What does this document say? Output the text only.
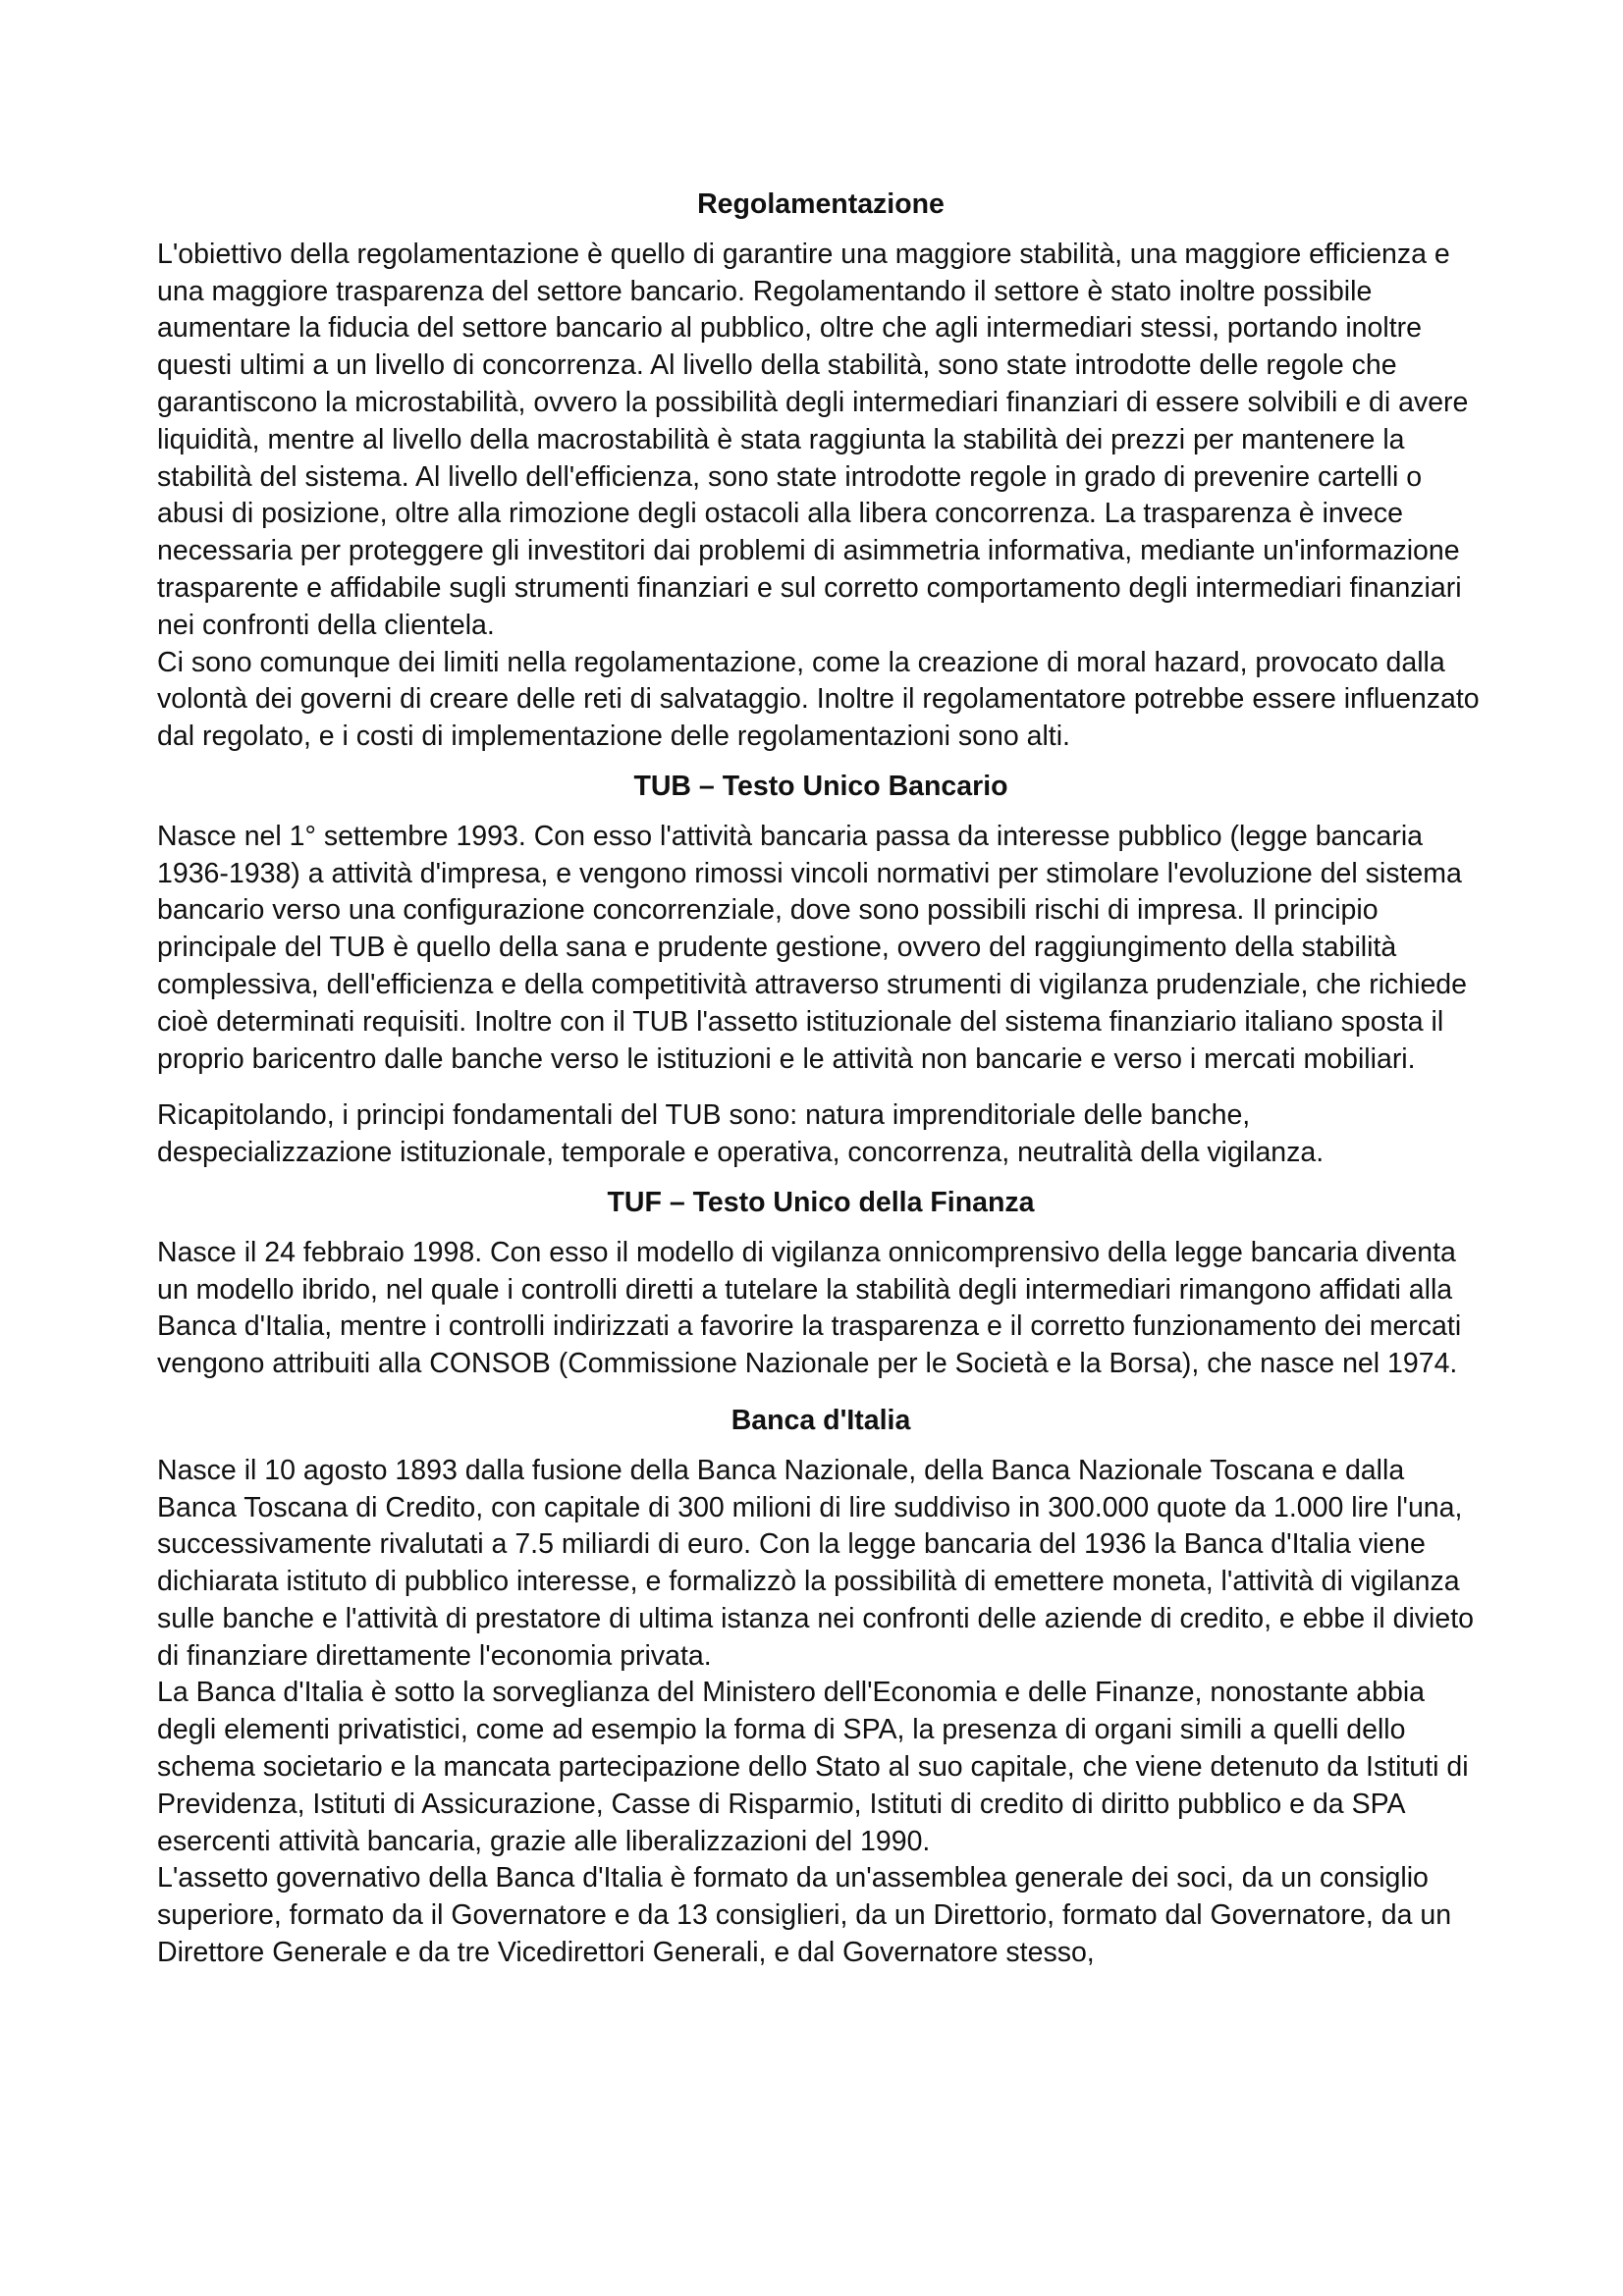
Regolamentazione

L'obiettivo della regolamentazione è quello di garantire una maggiore stabilità, una maggiore efficienza e una maggiore trasparenza del settore bancario. Regolamentando il settore è stato inoltre possibile aumentare la fiducia del settore bancario al pubblico, oltre che agli intermediari stessi, portando inoltre questi ultimi a un livello di concorrenza. Al livello della stabilità, sono state introdotte delle regole che garantiscono la microstabilità, ovvero la possibilità degli intermediari finanziari di essere solvibili e di avere liquidità, mentre al livello della macrostabilità è stata raggiunta la stabilità dei prezzi per mantenere la stabilità del sistema. Al livello dell'efficienza, sono state introdotte regole in grado di prevenire cartelli o abusi di posizione, oltre alla rimozione degli ostacoli alla libera concorrenza. La trasparenza è invece necessaria per proteggere gli investitori dai problemi di asimmetria informativa, mediante un'informazione trasparente e affidabile sugli strumenti finanziari e sul corretto comportamento degli intermediari finanziari nei confronti della clientela.

Ci sono comunque dei limiti nella regolamentazione, come la creazione di moral hazard, provocato dalla volontà dei governi di creare delle reti di salvataggio. Inoltre il regolamentatore potrebbe essere influenzato dal regolato, e i costi di implementazione delle regolamentazioni sono alti.

TUB – Testo Unico Bancario

Nasce nel 1° settembre 1993. Con esso l'attività bancaria passa da interesse pubblico (legge bancaria 1936-1938) a attività d'impresa, e vengono rimossi vincoli normativi per stimolare l'evoluzione del sistema bancario verso una configurazione concorrenziale, dove sono possibili rischi di impresa. Il principio principale del TUB è quello della sana e prudente gestione, ovvero del raggiungimento della stabilità complessiva, dell'efficienza e della competitività attraverso strumenti di vigilanza prudenziale, che richiede cioè determinati requisiti. Inoltre con il TUB l'assetto istituzionale del sistema finanziario italiano sposta il proprio baricentro dalle banche verso le istituzioni e le attività non bancarie e verso i mercati mobiliari.

Ricapitolando, i principi fondamentali del TUB sono: natura imprenditoriale delle banche, despecializzazione istituzionale, temporale e operativa, concorrenza, neutralità della vigilanza.

TUF – Testo Unico della Finanza

Nasce il 24 febbraio 1998. Con esso il modello di vigilanza onnicomprensivo della legge bancaria diventa un modello ibrido, nel quale i controlli diretti a tutelare la stabilità degli intermediari rimangono affidati alla Banca d'Italia, mentre i controlli indirizzati a favorire la trasparenza e il corretto funzionamento dei mercati vengono attribuiti alla CONSOB (Commissione Nazionale per le Società e la Borsa), che nasce nel 1974.

Banca d'Italia

Nasce il 10 agosto 1893 dalla fusione della Banca Nazionale, della Banca Nazionale Toscana e dalla Banca Toscana di Credito, con capitale di 300 milioni di lire suddiviso in 300.000 quote da 1.000 lire l'una, successivamente rivalutati a 7.5 miliardi di euro. Con la legge bancaria del 1936 la Banca d'Italia viene dichiarata istituto di pubblico interesse, e formalizzò la possibilità di emettere moneta, l'attività di vigilanza sulle banche e l'attività di prestatore di ultima istanza nei confronti delle aziende di credito, e ebbe il divieto di finanziare direttamente l'economia privata.

La Banca d'Italia è sotto la sorveglianza del Ministero dell'Economia e delle Finanze, nonostante abbia degli elementi privatistici, come ad esempio la forma di SPA, la presenza di organi simili a quelli dello schema societario e la mancata partecipazione dello Stato al suo capitale, che viene detenuto da Istituti di Previdenza, Istituti di Assicurazione, Casse di Risparmio, Istituti di credito di diritto pubblico e da SPA esercenti attività bancaria, grazie alle liberalizzazioni del 1990.

L'assetto governativo della Banca d'Italia è formato da un'assemblea generale dei soci, da un consiglio superiore, formato da il Governatore e da 13 consiglieri, da un Direttorio, formato dal Governatore, da un Direttore Generale e da tre Vicedirettori Generali, e dal Governatore stesso,
